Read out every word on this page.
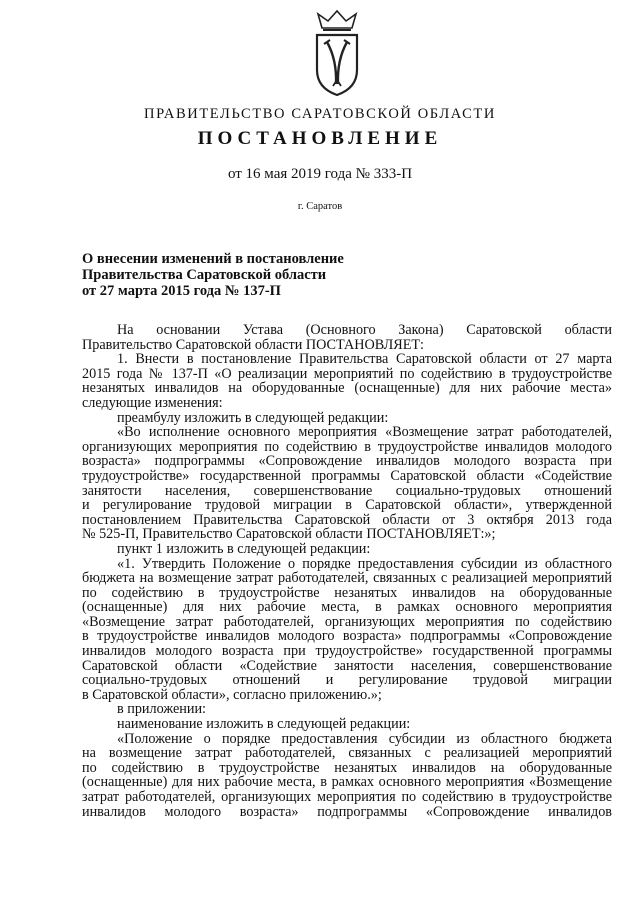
ПРАВИТЕЛЬСТВО САРАТОВСКОЙ ОБЛАСТИ
ПОСТАНОВЛЕНИЕ
от 16 мая 2019 года № 333-П
г. Саратов
О внесении изменений в постановление
Правительства Саратовской области
от 27 марта 2015 года № 137-П
На основании Устава (Основного Закона) Саратовской области
Правительство Саратовской области ПОСТАНОВЛЯЕТ:
1. Внести в постановление Правительства Саратовской области от 27 марта
2015 года № 137-П «О реализации мероприятий по содействию в трудоустройстве
незанятых инвалидов на оборудованные (оснащенные) для них рабочие места»
следующие изменения:
преамбулу изложить в следующей редакции:
«Во исполнение основного мероприятия «Возмещение затрат работодателей,
организующих мероприятия по содействию в трудоустройстве инвалидов молодого
возраста» подпрограммы «Сопровождение инвалидов молодого возраста при
трудоустройстве» государственной программы Саратовской области «Содействие
занятости населения, совершенствование социально-трудовых отношений
и регулирование трудовой миграции в Саратовской области», утвержденной
постановлением Правительства Саратовской области от 3 октября 2013 года
№ 525-П, Правительство Саратовской области ПОСТАНОВЛЯЕТ:»;
пункт 1 изложить в следующей редакции:
«1. Утвердить Положение о порядке предоставления субсидии из областного
бюджета на возмещение затрат работодателей, связанных с реализацией мероприятий
по содействию в трудоустройстве незанятых инвалидов на оборудованные
(оснащенные) для них рабочие места, в рамках основного мероприятия
«Возмещение затрат работодателей, организующих мероприятия по содействию
в трудоустройстве инвалидов молодого возраста» подпрограммы «Сопровождение
инвалидов молодого возраста при трудоустройстве» государственной программы
Саратовской области «Содействие занятости населения, совершенствование
социально-трудовых отношений и регулирование трудовой миграции
в Саратовской области», согласно приложению.»;
в приложении:
наименование изложить в следующей редакции:
«Положение о порядке предоставления субсидии из областного бюджета
на возмещение затрат работодателей, связанных с реализацией мероприятий
по содействию в трудоустройстве незанятых инвалидов на оборудованные
(оснащенные) для них рабочие места, в рамках основного мероприятия «Возмещение
затрат работодателей, организующих мероприятия по содействию в трудоустройстве
инвалидов молодого возраста» подпрограммы «Сопровождение инвалидов
